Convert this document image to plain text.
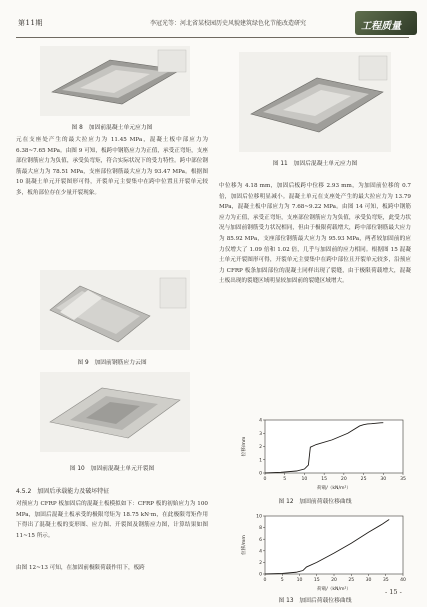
第11期	李冠光等：河北省某校园历史风貌建筑绿色化节能改造研究	工程质量
图 8　加固前混凝土单元应力图

元在支座处产生的最大拉应力为 11.45 MPa，混凝土板中部应力为 6.38~7.65 MPa。由图 9 可知，板跨中钢筋应力为正值，承受正弯矩，支座部位钢筋应力为负值，承受负弯矩，符合实际状况下的受力特性。跨中部位钢筋最大应力为 78.51 MPa，支座部位钢筋最大应力为 93.47 MPa。根据图 10 混凝土单元开裂图形可得，开裂单元主要集中在跨中位置且开裂单元较多，板角部位存在少量开裂现象。

图 9　加固前钢筋应力云图
图 10　加固前混凝土单元开裂图
4.5.2　加固后承载能力及破坏特征

对预应力 CFRP 板加固后的混凝土板模拟如下：CFRP 板的初始应力为 100 MPa，加固后混凝土板承受的极限弯矩为 18.75 kN·m，在此极限弯矩作用下得出了混凝土板的变形图、应力图、开裂图及钢筋应力图，计算结果如图 11~15 所示。

由图 12~13 可知，在加固前极限荷载作用下，板跨

图 11　加固后混凝土单元应力图

中位移为 4.18 mm，加固后板跨中位移 2.93 mm，为加固前位移的 0.7 倍，加固后位移明显减小。混凝土单元在支座处产生的最大拉应力为 13.79 MPa，混凝土板中部应力为 7.68~9.22 MPa。由图 14 可知，板跨中钢筋应力为正值，承受正弯矩，支座部位钢筋应力为负值，承受负弯矩，此受力状况与加固前钢筋受力状况相同，但由于极限荷载增大，跨中部位钢筋最大应力为 85.92 MPa，支座部位钢筋最大应力为 95.93 MPa，两者较加固前的应力仅增大了 1.09 倍和 1.02 倍，几乎与加固前的应力相同。根据图 15 混凝土单元开裂图形可得，开裂单元主要集中在跨中部位且开裂单元较多，沿预应力 CFRP 板条加固部位的混凝土同样出现了裂缝，由于极限荷载增大，混凝土板出现的裂缝区域明显较加固前的裂缝区域增大。

0	5	10	15	20	25	30	35
0
1
2
3
4
荷载/（kN/m²）
位移/mm
图 12　加固前荷载位移曲线
0	5	10 15 20 25 30 35 40
0
2
4
6
8
10
荷载/（kN/m²）
位移/mm
图 13　加固后荷载位移曲线
- 15 -
